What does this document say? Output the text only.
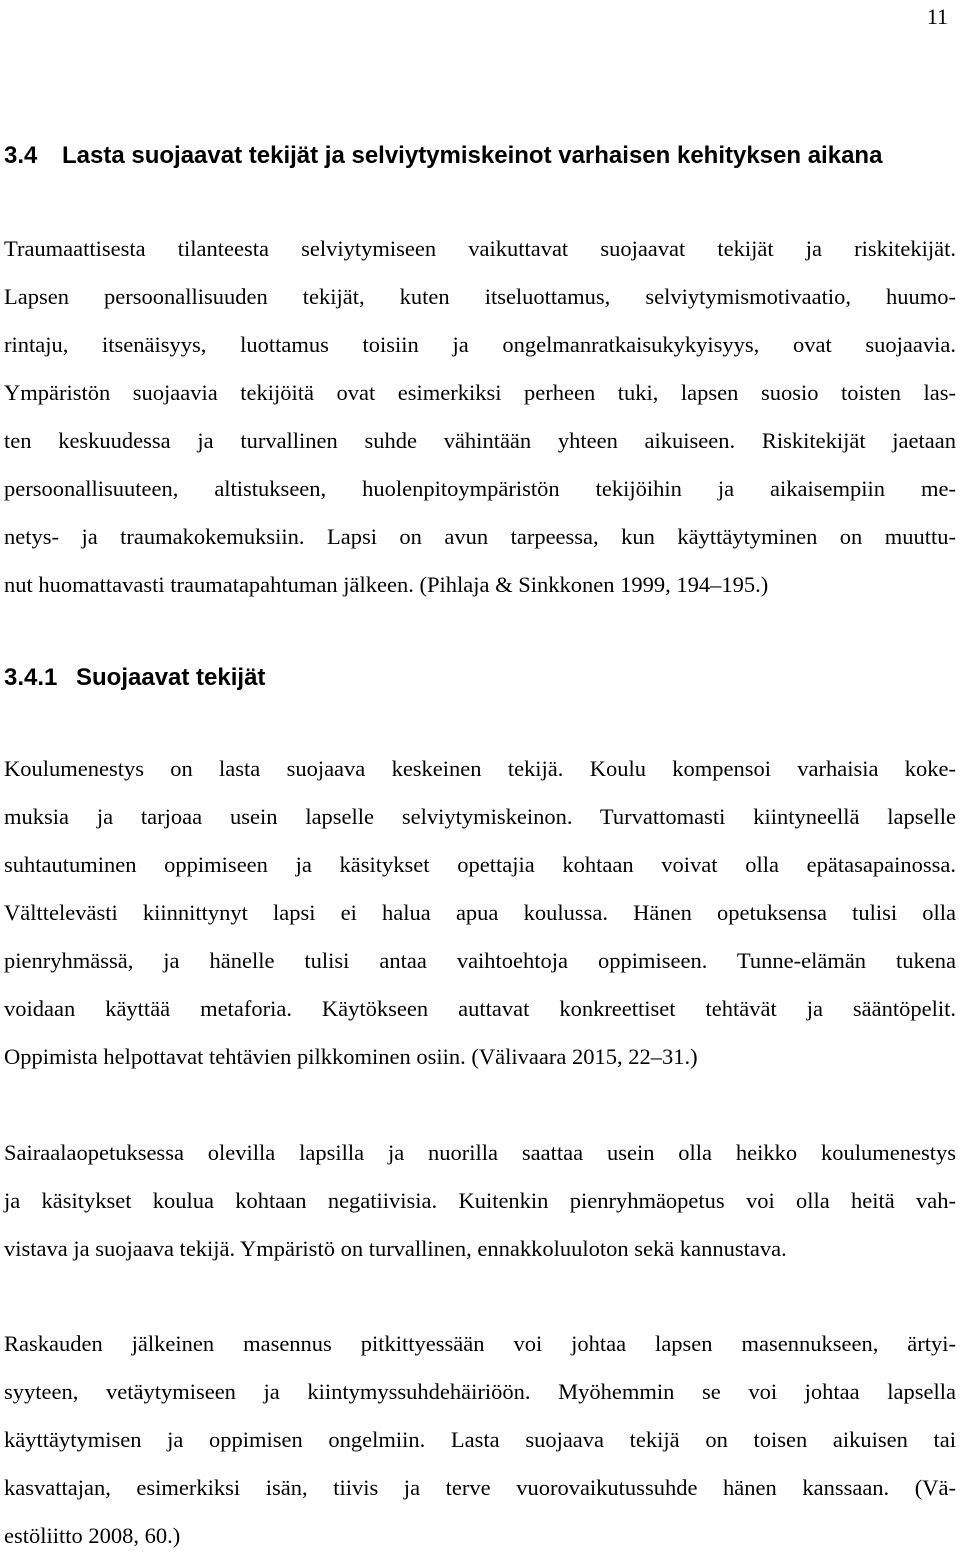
11
3.4 Lasta suojaavat tekijät ja selviytymiskeinot varhaisen kehityksen aikana
Traumaattisesta tilanteesta selviytymiseen vaikuttavat suojaavat tekijät ja riskitekijät.
Lapsen persoonallisuuden tekijät, kuten itseluottamus, selviytymismotivaatio, huumo-
rintaju, itsenäisyys, luottamus toisiin ja ongelmanratkaisukykyisyys, ovat suojaavia.
Ympäristön suojaavia tekijöitä ovat esimerkiksi perheen tuki, lapsen suosio toisten las-
ten keskuudessa ja turvallinen suhde vähintään yhteen aikuiseen. Riskitekijät jaetaan
persoonallisuuteen, altistukseen, huolenpitoympäristön tekijöihin ja aikaisempiin me-
netys- ja traumakokemuksiin. Lapsi on avun tarpeessa, kun käyttäytyminen on muuttu-
nut huomattavasti traumatapahtuman jälkeen. (Pihlaja & Sinkkonen 1999, 194–195.)
3.4.1 Suojaavat tekijät
Koulumenestys on lasta suojaava keskeinen tekijä. Koulu kompensoi varhaisia koke-
muksia ja tarjoaa usein lapselle selviytymiskeinon. Turvattomasti kiintyneellä lapselle
suhtautuminen oppimiseen ja käsitykset opettajia kohtaan voivat olla epätasapainossa.
Välttelevästi kiinnittynyt lapsi ei halua apua koulussa. Hänen opetuksensa tulisi olla
pienryhmässä, ja hänelle tulisi antaa vaihtoehtoja oppimiseen. Tunne-elämän tukena
voidaan käyttää metaforia. Käytökseen auttavat konkreettiset tehtävät ja sääntöpelit.
Oppimista helpottavat tehtävien pilkkominen osiin. (Välivaara 2015, 22–31.)
Sairaalaopetuksessa olevilla lapsilla ja nuorilla saattaa usein olla heikko koulumenestys
ja käsitykset koulua kohtaan negatiivisia. Kuitenkin pienryhmäopetus voi olla heitä vah-
vistava ja suojaava tekijä. Ympäristö on turvallinen, ennakkoluuloton sekä kannustava.
Raskauden jälkeinen masennus pitkittyessään voi johtaa lapsen masennukseen, ärtyi-
syyteen, vetäytymiseen ja kiintymyssuhdehäiriöön. Myöhemmin se voi johtaa lapsella
käyttäytymisen ja oppimisen ongelmiin. Lasta suojaava tekijä on toisen aikuisen tai
kasvattajan, esimerkiksi isän, tiivis ja terve vuorovaikutussuhde hänen kanssaan. (Vä-
estöliitto 2008, 60.)
